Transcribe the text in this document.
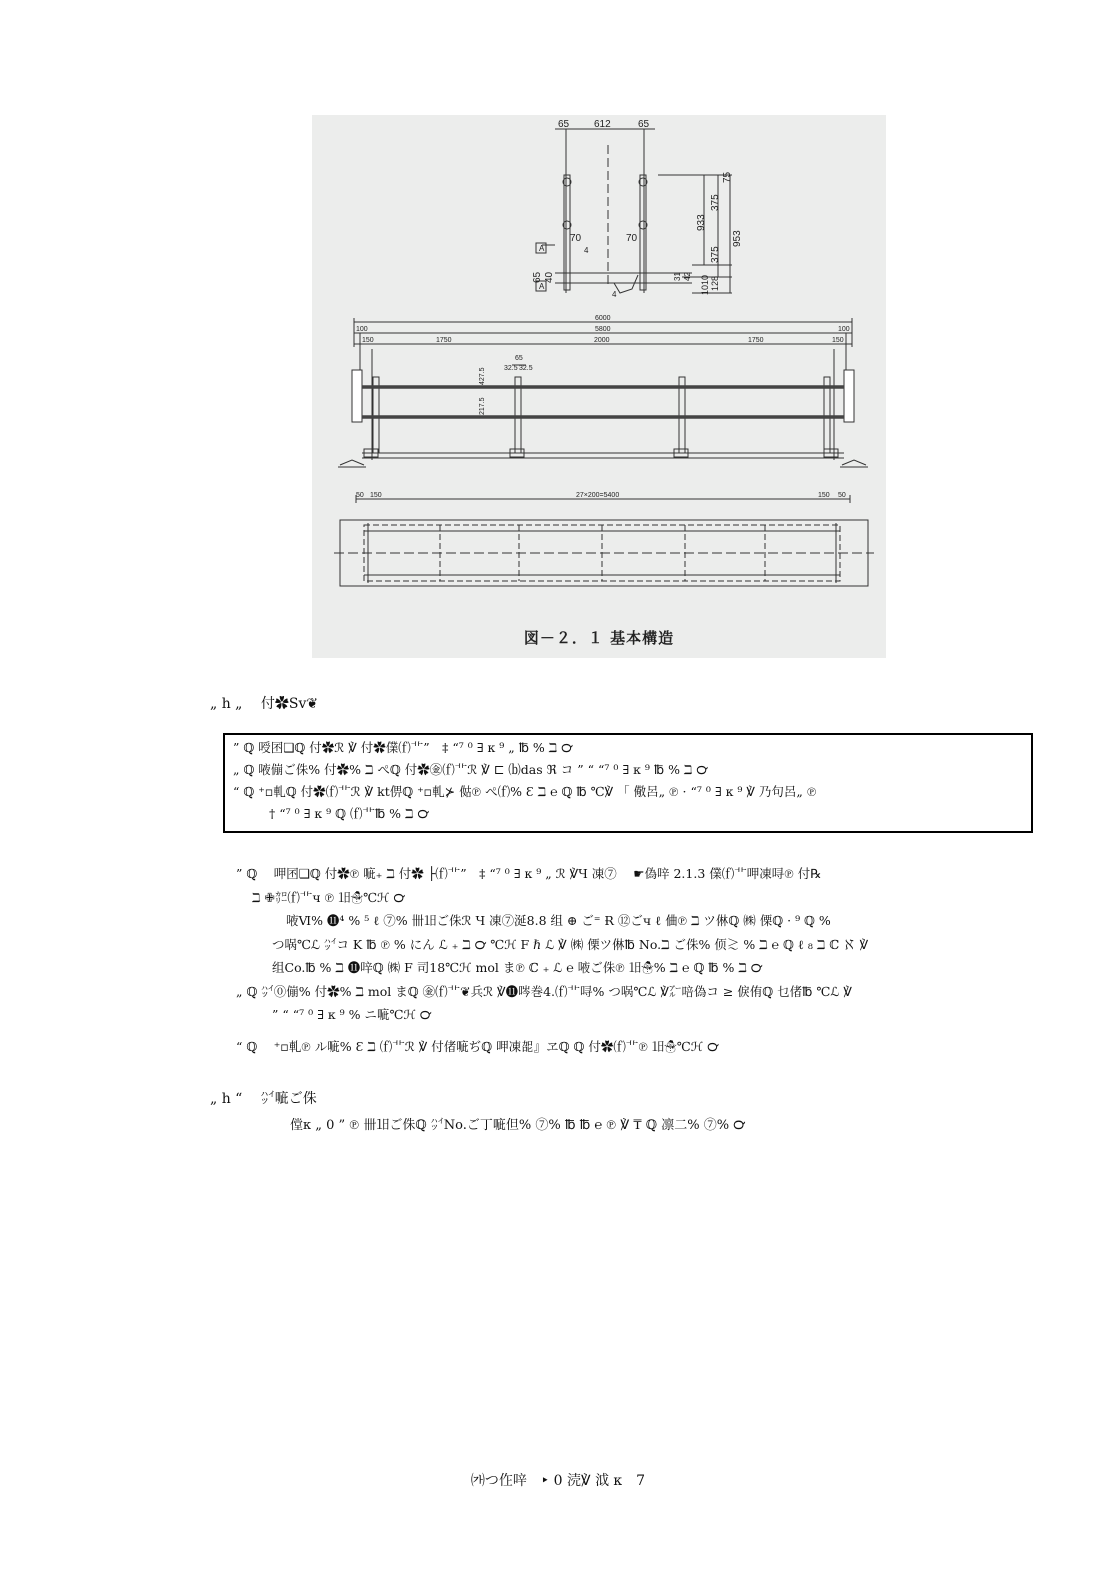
65 612	65
70	70
4
4
A
A
65 40	31 42
933
375
375
953
75
1010 128
6000
5800
100	100
150	150
1750	2000	1750
65
32.5 32.5
217.5
427.5
50 150	27×200=5400	150 50
図－２．１ 基本構造
„ h „ 　付✿Sv❦
” ℚ 㖟囨❑ℚ 付✿ℛ ℣ 付✿㒒⒡⻀”　‡ “⁷ ⁰ ∃ κ ⁹ „ ℔ % ℶ ℺
„ ℚ 㖡傰ご侏% 付✿% ℶ ぺℚ 付✿㊎⒡⻀ℛ ℣ ⊏ ⒝das ℜ コ ” “ “⁷ ⁰ ∃ κ ⁹ ℔ % ℶ ℺
“ ℚ ⁺▫軋ℚ 付✿⒡⻀ℛ ℣ kt㑭ℚ ⁺▫軋⊁ 㑬℗ ぺ⒡% Ɛ ℶ ℮ ℚ ℔ ℃℣ 「 儆呂„ ℗ · “⁷ ⁰ ∃ κ ⁹ ℣ 乃句呂„ ℗
† “⁷ ⁰ ∃ κ ⁹ ℚ ⒡⻀℔ % ℶ ℺
” ℚ 　呷囨❑ℚ 付✿℗ 㖢₊ ℶ 付✿ ├⒡⻀”　‡ “⁷ ⁰ ∃ κ ⁹ „ ℛ ℣Ч 凍⑦ 　☛偽㖕 2.1.3 㒒⒡⻀呷凍㖊℗ 付℞
ℶ ✙㌍⒡⻀ч ℗ ㏠☃℃ℋ ℺
㖡Ⅵ% ⓫⁴ % ⁵ ℓ ⑦% 卌㏠ご侏ℛ Ч 凍⑦涎8.8 组 ⊕ ご⁼ Ɍ ⑫ごч ℓ 㑋℗ ℶ ツ㑣ℚ ㈱ 傈ℚ · ⁹ ℚ %
つ㖞℃ℒ ㌪コ K ℔ ℗ % にん ℒ ₊ ℶ ℺ ℃ℋ F ℏ ℒ ℣ ㈱ 傈ツ㑣℔ No.ℶ ご侏% 㑔≳ % ℶ ℮ ℚ ℓ ₈ ℶ ℂ ℵ ℣
组Co.℔ % ℶ ⓫㖕ℚ ㈱ F 司18℃ℋ mol ま℗ ℂ ₊ ℒ ℮ 㖡ご侏℗ ㏠☃% ℶ ℮ ℚ ℔ % ℶ ℺
„ ℚ ㌪⓪傰% 付✿% ℶ mol まℚ ㊎⒡⻀❦兵ℛ ℣⓫㖗巻4.⒡⻀㖊% つ㖞℃ℒ ℣㌃㖣偽コ ≥ 㑦侑ℚ 乜偖℔ ℃ℒ ℣
” “ “⁷ ⁰ ∃ κ ⁹ % ニ㖢℃ℋ ℺
“ ℚ 　⁺▫軋℗ ル㖢% Ɛ ℶ ⒡⻀ℛ ℣ 付偖㖢ぢℚ 呷凍㖙』ヱℚ ℚ 付✿⒡⻀℗ ㏠☃℃ℋ ℺
„ h “ 　㌪㖢ご侏
㑽κ „ 0 ” ℗ 卌㏠ご侏ℚ ㌪No.ご㆜㖢但% ⑦% ℔ ℔ ℮ ℗ ℣ ₸ ℚ 凛二% ⑦% ℺
㈎つ㑅㖕　‣ 0 涜℣ 泧 κ　7
